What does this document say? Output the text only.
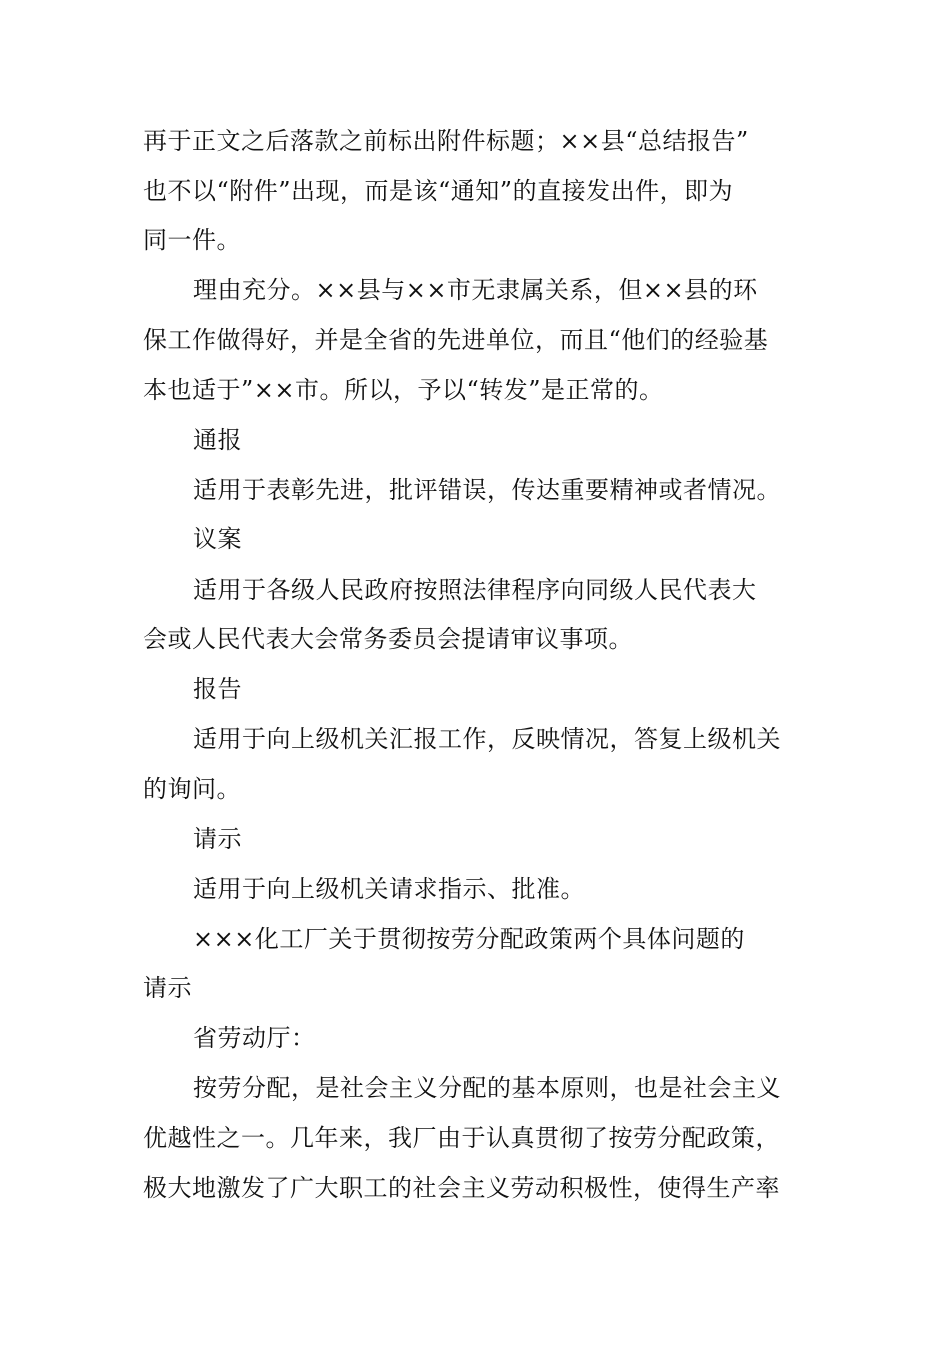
再于正文之后落款之前标出附件标题；××县“总结报告”
也不以“附件”出现，而是该“通知”的直接发出件，即为
同一件。
理由充分。××县与××市无隶属关系，但××县的环
保工作做得好，并是全省的先进单位，而且“他们的经验基
本也适于”××市。所以，予以“转发”是正常的。
通报
适用于表彰先进，批评错误，传达重要精神或者情况。
议案
适用于各级人民政府按照法律程序向同级人民代表大
会或人民代表大会常务委员会提请审议事项。
报告
适用于向上级机关汇报工作，反映情况，答复上级机关
的询问。
请示
适用于向上级机关请求指示、批准。
×××化工厂关于贯彻按劳分配政策两个具体问题的
请示
省劳动厅：
按劳分配，是社会主义分配的基本原则，也是社会主义
优越性之一。几年来，我厂由于认真贯彻了按劳分配政策，
极大地激发了广大职工的社会主义劳动积极性，使得生产率
